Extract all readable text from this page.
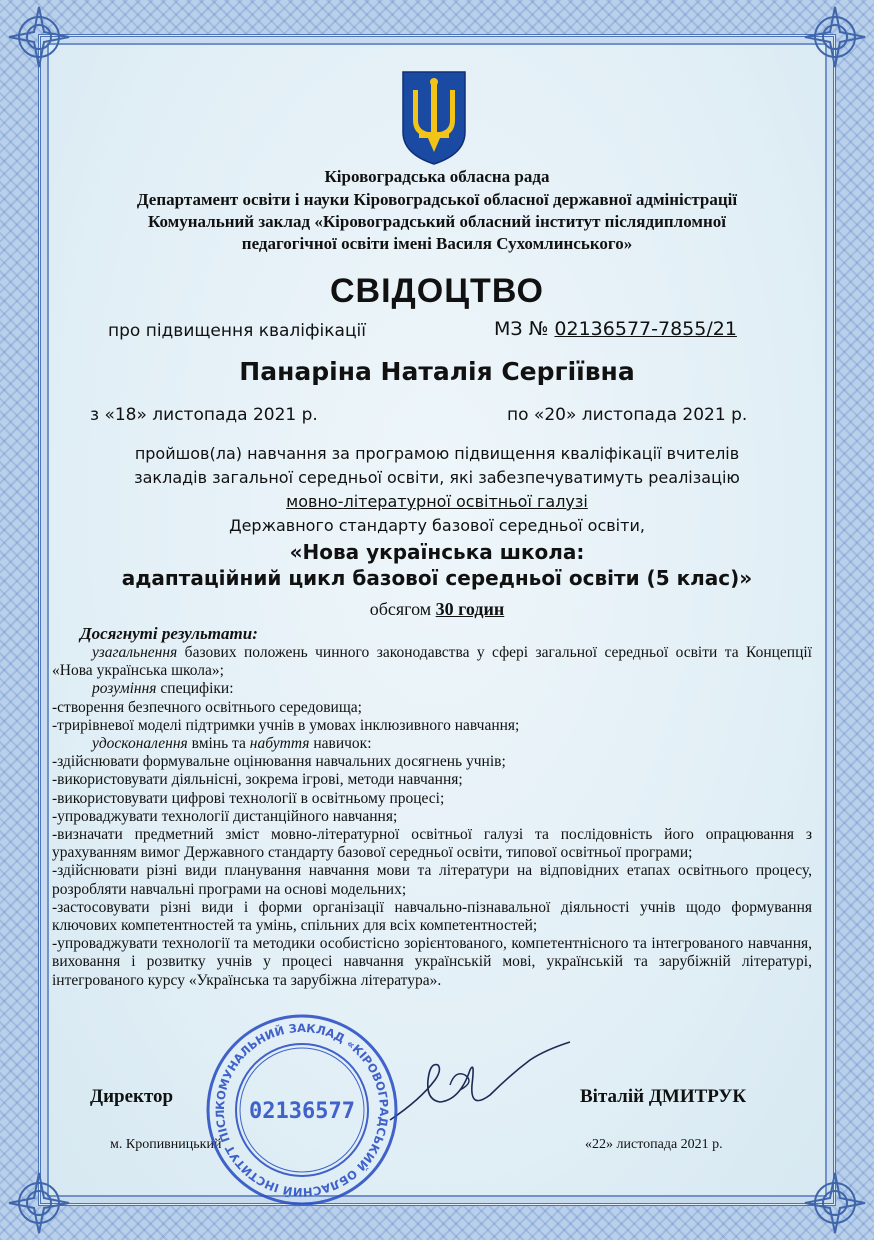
Кіровоградська обласна рада
Департамент освіти і науки Кіровоградської обласної державної адміністрації
Комунальний заклад «Кіровоградський обласний інститут післядипломної
педагогічної освіти імені Василя Сухомлинського»
СВІДОЦТВО
про підвищення кваліфікації	МЗ № 02136577-7855/21
Панаріна Наталія Сергіївна
з «18» листопада 2021 р.	по «20» листопада 2021 р.
пройшов(ла) навчання за програмою підвищення кваліфікації вчителів
закладів загальної середньої освіти, які забезпечуватимуть реалізацію
мовно-літературної освітньої галузі
Державного стандарту базової середньої освіти,
«Нова українська школа:
адаптаційний цикл базової середньої освіти (5 клас)»
обсягом 30 годин
Досягнуті результати:

узагальнення базових положень чинного законодавства у сфері загальної середньої освіти та Концепції «Нова українська школа»;

розуміння специфіки:

-створення безпечного освітнього середовища;

-трирівневої моделі підтримки учнів в умовах інклюзивного навчання;

удосконалення вмінь та набуття навичок:

-здійснювати формувальне оцінювання навчальних досягнень учнів;

-використовувати діяльнісні, зокрема ігрові, методи навчання;

-використовувати цифрові технології в освітньому процесі;

-упроваджувати технології дистанційного навчання;

-визначати предметний зміст мовно-літературної освітньої галузі та послідовність його опрацювання з урахуванням вимог Державного стандарту базової середньої освіти, типової освітньої програми;

-здійснювати різні види планування навчання мови та літератури на відповідних етапах освітнього процесу, розробляти навчальні програми на основі модельних;

-застосовувати різні види і форми організації навчально-пізнавальної діяльності учнів щодо формування ключових компетентностей та умінь, спільних для всіх компетентностей;

-упроваджувати технології та методики особистісно зорієнтованого, компетентнісного та інтегрованого навчання, виховання і розвитку учнів у процесі навчання українській мові, українській та зарубіжній літературі, інтегрованого курсу «Українська та зарубіжна література».

Директор	Віталій ДМИТРУК
м. Кропивницький	«22» листопада 2021 р.
КОМУНАЛЬНИЙ ЗАКЛАД «КІРОВОГРАДСЬКИЙ ОБЛАСНИЙ ІНСТИТУТ ПІСЛ 02136577
